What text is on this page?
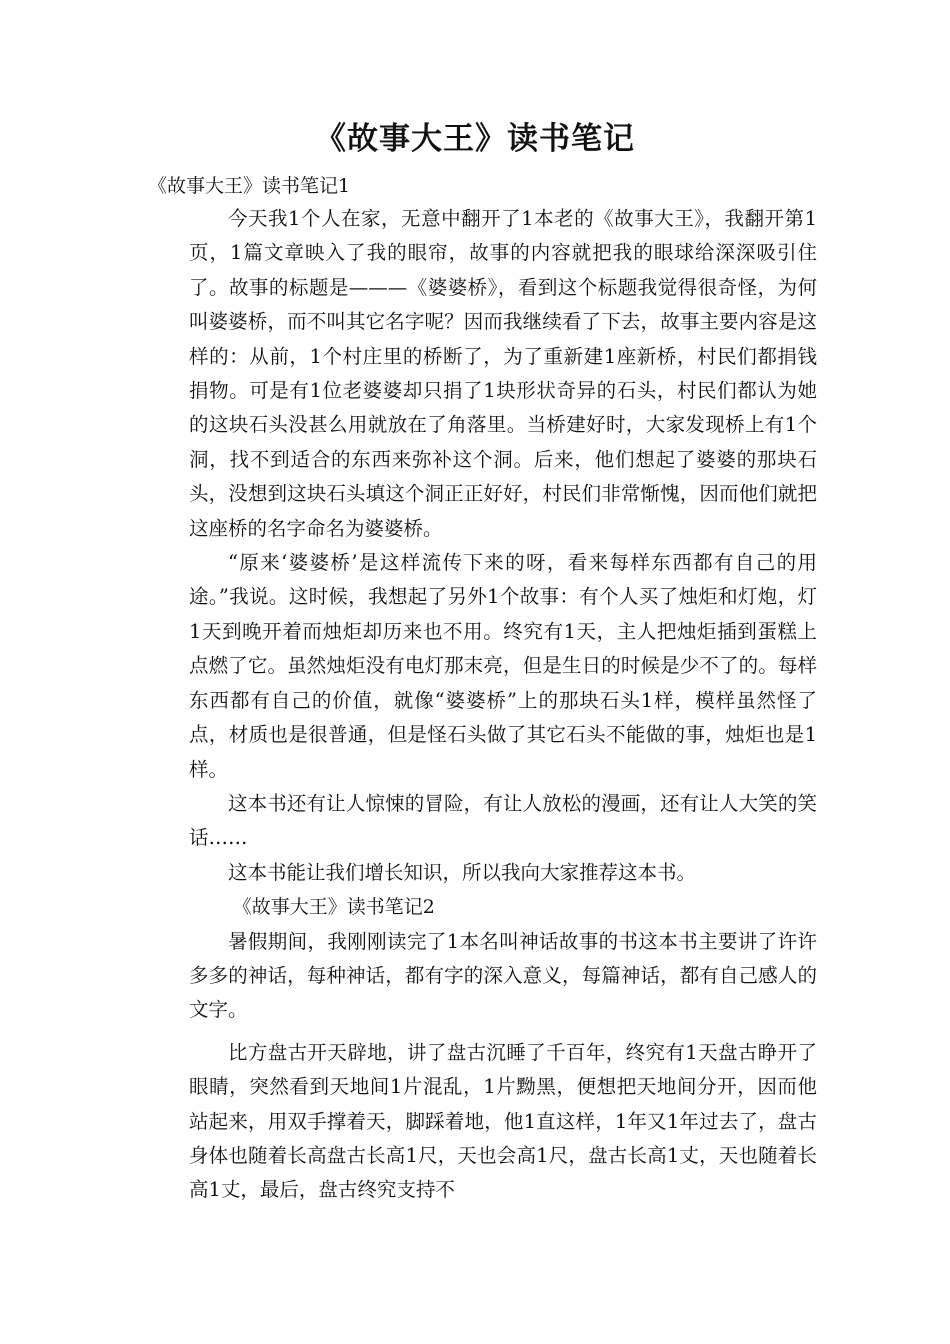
《故事大王》读书笔记
《故事大王》读书笔记1

今天我1个人在家，无意中翻开了1本老的《故事大王》，我翻开第1页，1篇文章映入了我的眼帘，故事的内容就把我的眼球给深深吸引住了。故事的标题是———《婆婆桥》，看到这个标题我觉得很奇怪，为何叫婆婆桥，而不叫其它名字呢？因而我继续看了下去，故事主要内容是这样的：从前，1个村庄里的桥断了，为了重新建1座新桥，村民们都捐钱捐物。可是有1位老婆婆却只捐了1块形状奇异的石头，村民们都认为她的这块石头没甚么用就放在了角落里。当桥建好时，大家发现桥上有1个洞，找不到适合的东西来弥补这个洞。后来，他们想起了婆婆的那块石头，没想到这块石头填这个洞正正好好，村民们非常惭愧，因而他们就把这座桥的名字命名为婆婆桥。

“原来‘婆婆桥’是这样流传下来的呀，看来每样东西都有自己的用途。”我说。这时候，我想起了另外1个故事：有个人买了烛炬和灯炮，灯1天到晚开着而烛炬却历来也不用。终究有1天，主人把烛炬插到蛋糕上点燃了它。虽然烛炬没有电灯那末亮，但是生日的时候是少不了的。每样东西都有自己的价值，就像“婆婆桥”上的那块石头1样，模样虽然怪了点，材质也是很普通，但是怪石头做了其它石头不能做的事，烛炬也是1样。

这本书还有让人惊悚的冒险，有让人放松的漫画，还有让人大笑的笑话……

这本书能让我们增长知识，所以我向大家推荐这本书。

《故事大王》读书笔记2

暑假期间，我刚刚读完了1本名叫神话故事的书这本书主要讲了许许多多的神话，每种神话，都有字的深入意义，每篇神话，都有自己感人的文字。

比方盘古开天辟地，讲了盘古沉睡了千百年，终究有1天盘古睁开了眼睛，突然看到天地间1片混乱，1片黝黑，便想把天地间分开，因而他站起来，用双手撑着天，脚踩着地，他1直这样，1年又1年过去了，盘古身体也随着长高盘古长高1尺，天也会高1尺，盘古长高1丈，天也随着长高1丈，最后，盘古终究支持不
